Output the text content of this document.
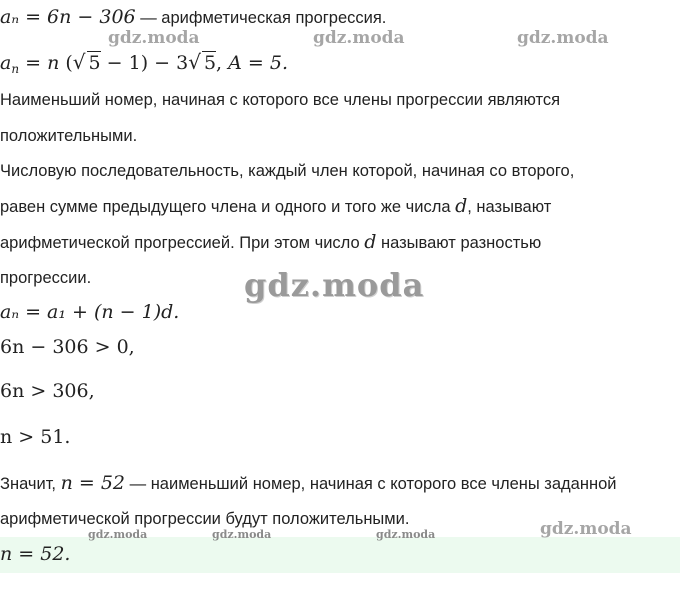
aₙ = 6n − 306 — арифметическая прогрессия.
$a_n = n$ (√ 5 − 1) − 3√ 5, A = 5.
Наименьший номер, начиная с которого все члены прогрессии являются
положительными.
Числовую последовательность, каждый член которой, начиная со второго,
равен сумме предыдущего члена и одного и того же числа d, называют
арифметической прогрессией. При этом число d называют разностью
прогрессии.
aₙ = a₁ + (n − 1)d.
6n − 306 > 0,
6n > 306,
n > 51.
Значит, n = 52 — наименьший номер, начиная с которого все члены заданной
арифметической прогрессии будут положительными.
n = 52.
gdz.moda	gdz.moda	gdz.moda
gdz.moda
gdz.moda
gdz.moda	gdz.moda	gdz.moda
